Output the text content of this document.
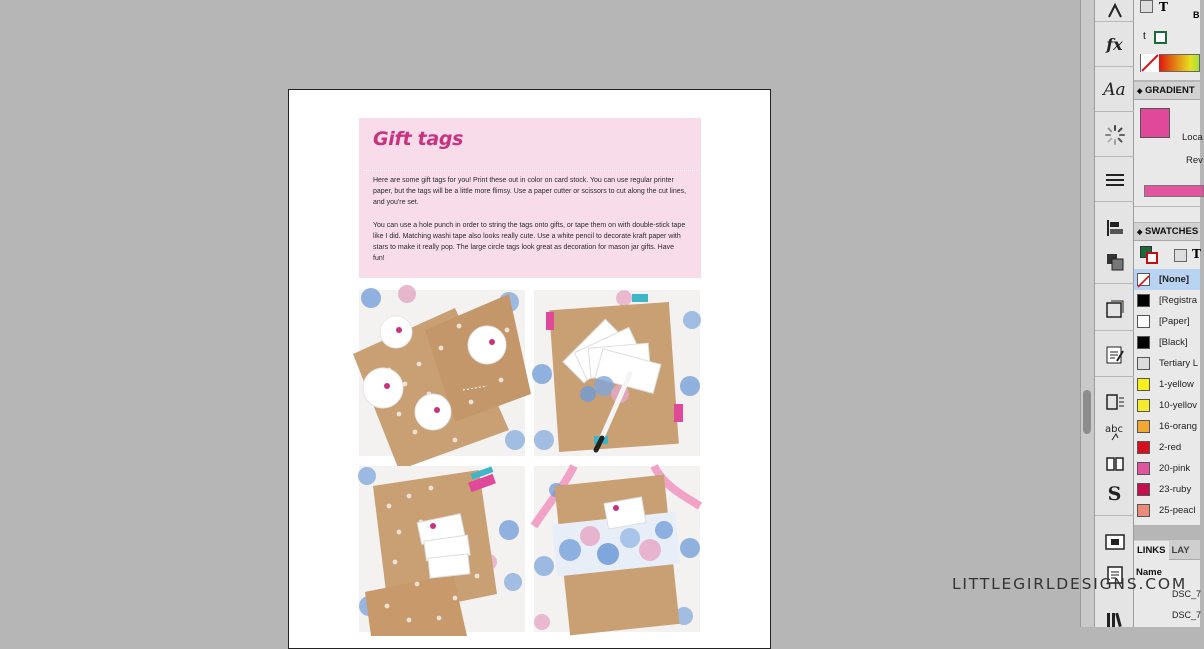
Gift tags

Here are some gift tags for you! Print these out in color on card stock. You can use regular printer paper, but the tags will be a little more flimsy. Use a paper cutter or scissors to cut along the cut lines, and you're set.

You can use a hole punch in order to string the tags onto gifts, or tape them on with double-stick tape like I did. Matching washi tape also looks really cute. Use a white pencil to decorate kraft paper with stars to make it really pop. The large circle tags look great as decoration for mason jar gifts. Have fun!

fx
Aa
abc
S
T
B
t
◆ GRADIENT
Loca
Rev
◆ SWATCHES
T
[None]
[Registra
[Paper]
[Black]
Tertiary L
1-yellow
10-yellov
16-orang
2-red
20-pink
23-ruby
25-peacl
LINKS LAY
Name
DSC_7
DSC_7
LITTLEGIRLDESIGNS.COM
